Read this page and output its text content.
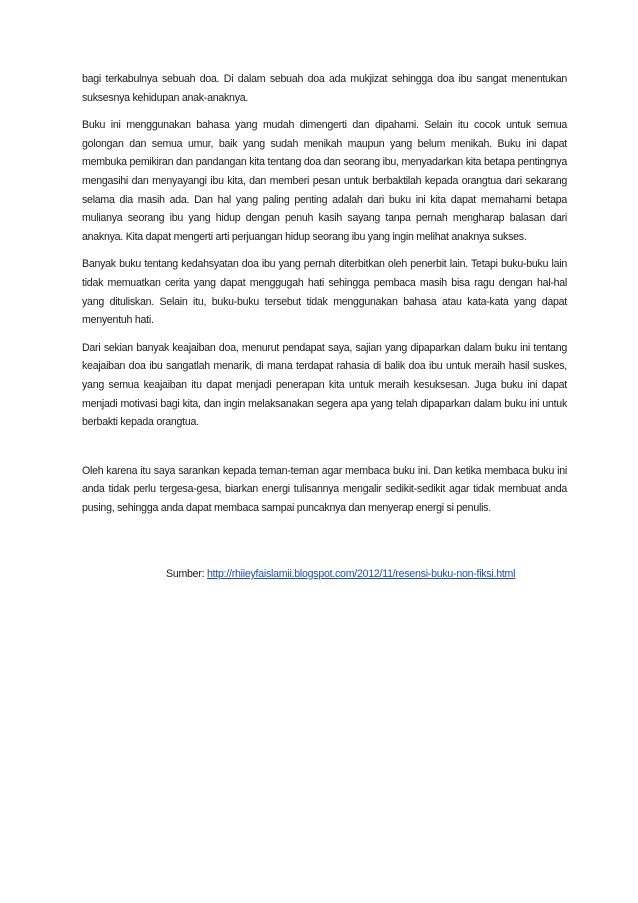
bagi terkabulnya sebuah doa. Di dalam sebuah doa ada mukjizat sehingga doa ibu sangat menentukan suksesnya kehidupan anak-anaknya.

Buku ini menggunakan bahasa yang mudah dimengerti dan dipahami. Selain itu cocok untuk semua golongan dan semua umur, baik yang sudah menikah maupun yang belum menikah. Buku ini dapat membuka pemikiran dan pandangan kita tentang doa dan seorang ibu, menyadarkan kita betapa pentingnya mengasihi dan menyayangi ibu kita, dan memberi pesan untuk berbaktilah kepada orangtua dari sekarang selama dia masih ada. Dan hal yang paling penting adalah dari buku ini kita dapat memahami betapa mulianya seorang ibu yang hidup dengan penuh kasih sayang tanpa pernah mengharap balasan dari anaknya. Kita dapat mengerti arti perjuangan hidup seorang ibu yang ingin melihat anaknya sukses.

Banyak buku tentang kedahsyatan doa ibu yang pernah diterbitkan oleh penerbit lain. Tetapi buku-buku lain tidak memuatkan cerita yang dapat menggugah hati sehingga pembaca masih bisa ragu dengan hal-hal yang dituliskan. Selain itu, buku-buku tersebut tidak menggunakan bahasa atau kata-kata yang dapat menyentuh hati.

Dari sekian banyak keajaiban doa, menurut pendapat saya, sajian yang dipaparkan dalam buku ini tentang keajaiban doa ibu sangatlah menarik, di mana terdapat rahasia di balik doa ibu untuk meraih hasil suskes, yang semua keajaiban itu dapat menjadi penerapan kita untuk meraih kesuksesan. Juga buku ini dapat menjadi motivasi bagi kita, dan ingin melaksanakan segera apa yang telah dipaparkan dalam buku ini untuk berbakti kepada orangtua.

Oleh karena itu saya sarankan kepada teman-teman agar membaca buku ini. Dan ketika membaca buku ini anda tidak perlu tergesa-gesa, biarkan energi tulisannya mengalir sedikit-sedikit agar tidak membuat anda pusing, sehingga anda dapat membaca sampai puncaknya dan menyerap energi si penulis.

Sumber: http://rhiieyfaislamii.blogspot.com/2012/11/resensi-buku-non-fiksi.html
